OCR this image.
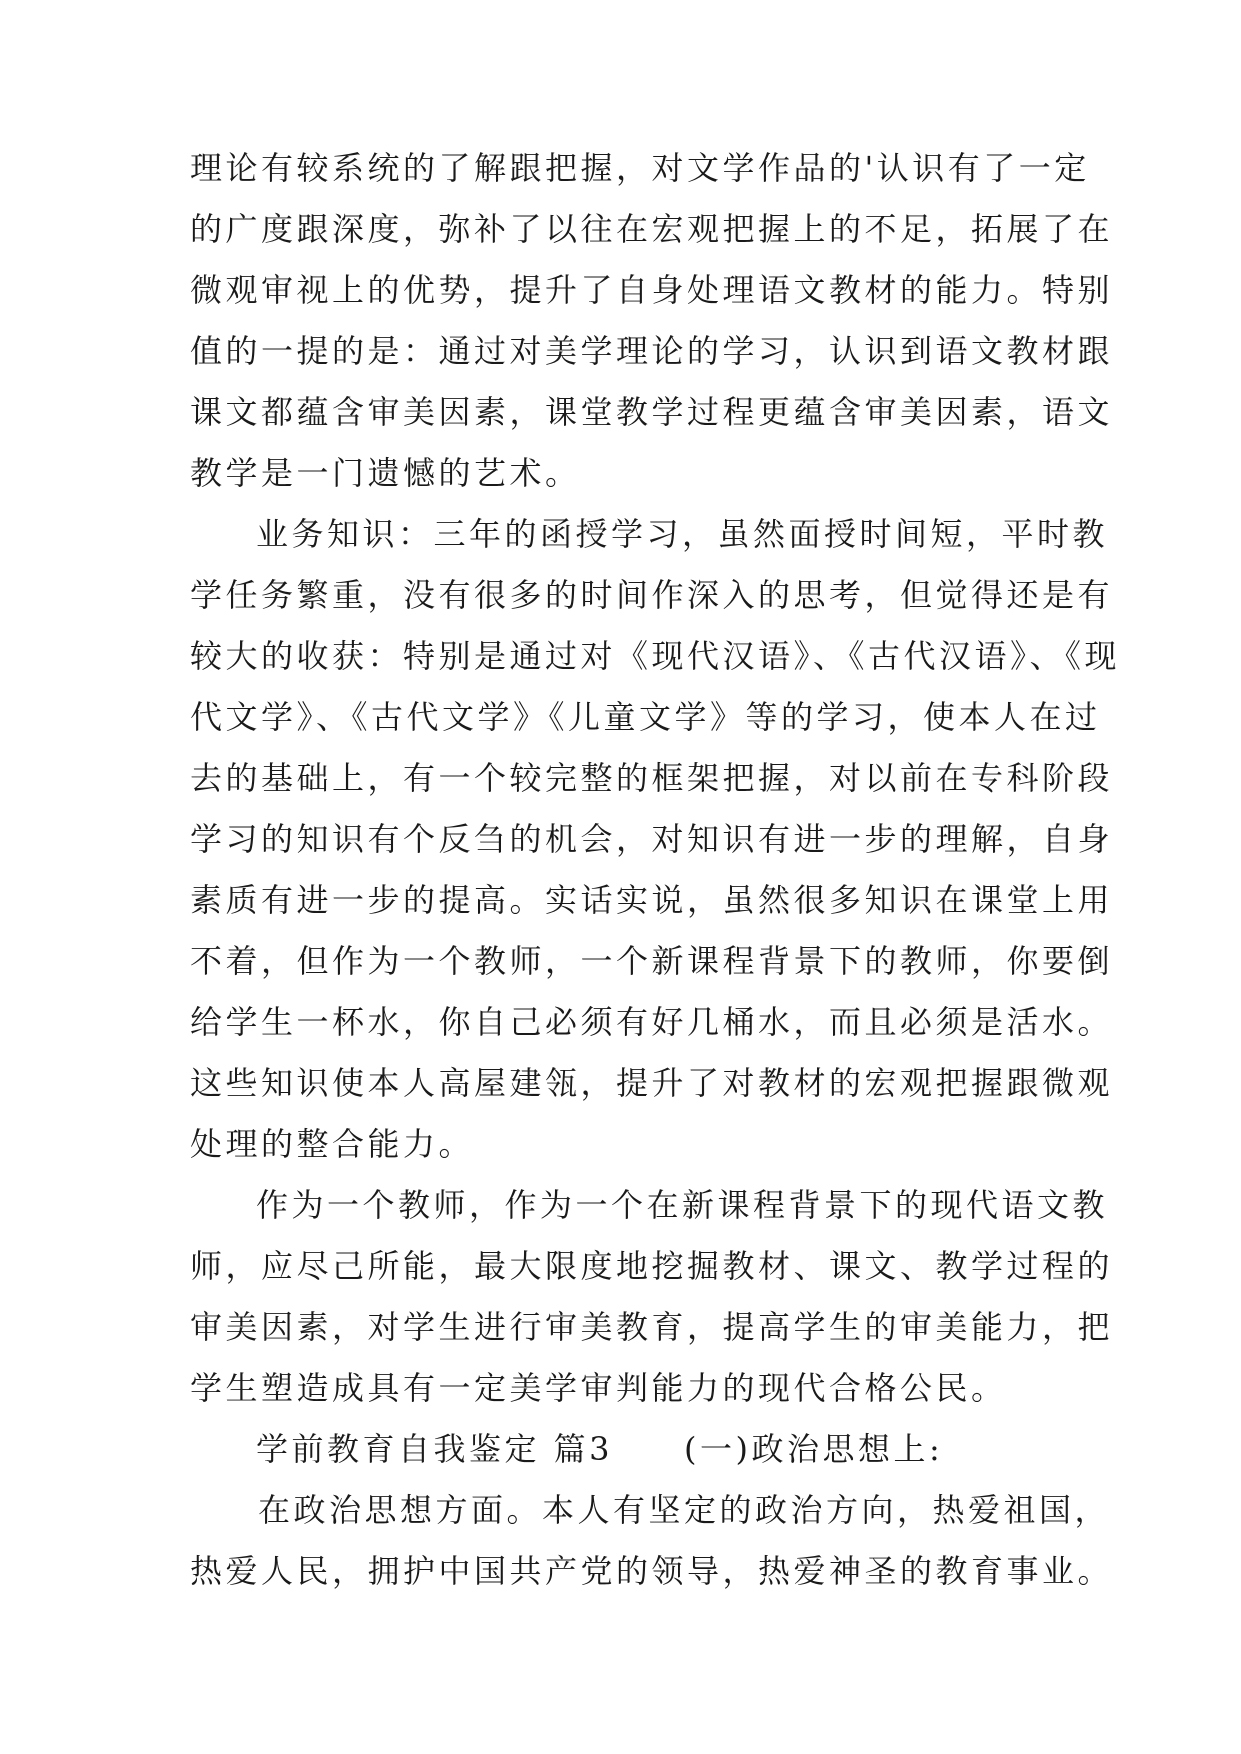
理论有较系统的了解跟把握，对文学作品的'认识有了一定
的广度跟深度，弥补了以往在宏观把握上的不足，拓展了在
微观审视上的优势，提升了自身处理语文教材的能力。特别
值的一提的是：通过对美学理论的学习，认识到语文教材跟
课文都蕴含审美因素，课堂教学过程更蕴含审美因素，语文
教学是一门遗憾的艺术。
业务知识：三年的函授学习，虽然面授时间短，平时教
学任务繁重，没有很多的时间作深入的思考，但觉得还是有
较大的收获：特别是通过对《现代汉语》、《古代汉语》、《现
代文学》、《古代文学》《儿童文学》等的学习，使本人在过
去的基础上，有一个较完整的框架把握，对以前在专科阶段
学习的知识有个反刍的机会，对知识有进一步的理解，自身
素质有进一步的提高。实话实说，虽然很多知识在课堂上用
不着，但作为一个教师，一个新课程背景下的教师，你要倒
给学生一杯水，你自己必须有好几桶水，而且必须是活水。
这些知识使本人高屋建瓴，提升了对教材的宏观把握跟微观
处理的整合能力。
作为一个教师，作为一个在新课程背景下的现代语文教
师，应尽己所能，最大限度地挖掘教材、课文、教学过程的
审美因素，对学生进行审美教育，提高学生的审美能力，把
学生塑造成具有一定美学审判能力的现代合格公民。
学前教育自我鉴定 篇3　　(一)政治思想上:
在政治思想方面。本人有坚定的政治方向，热爱祖国，
热爱人民，拥护中国共产党的领导，热爱神圣的教育事业。
